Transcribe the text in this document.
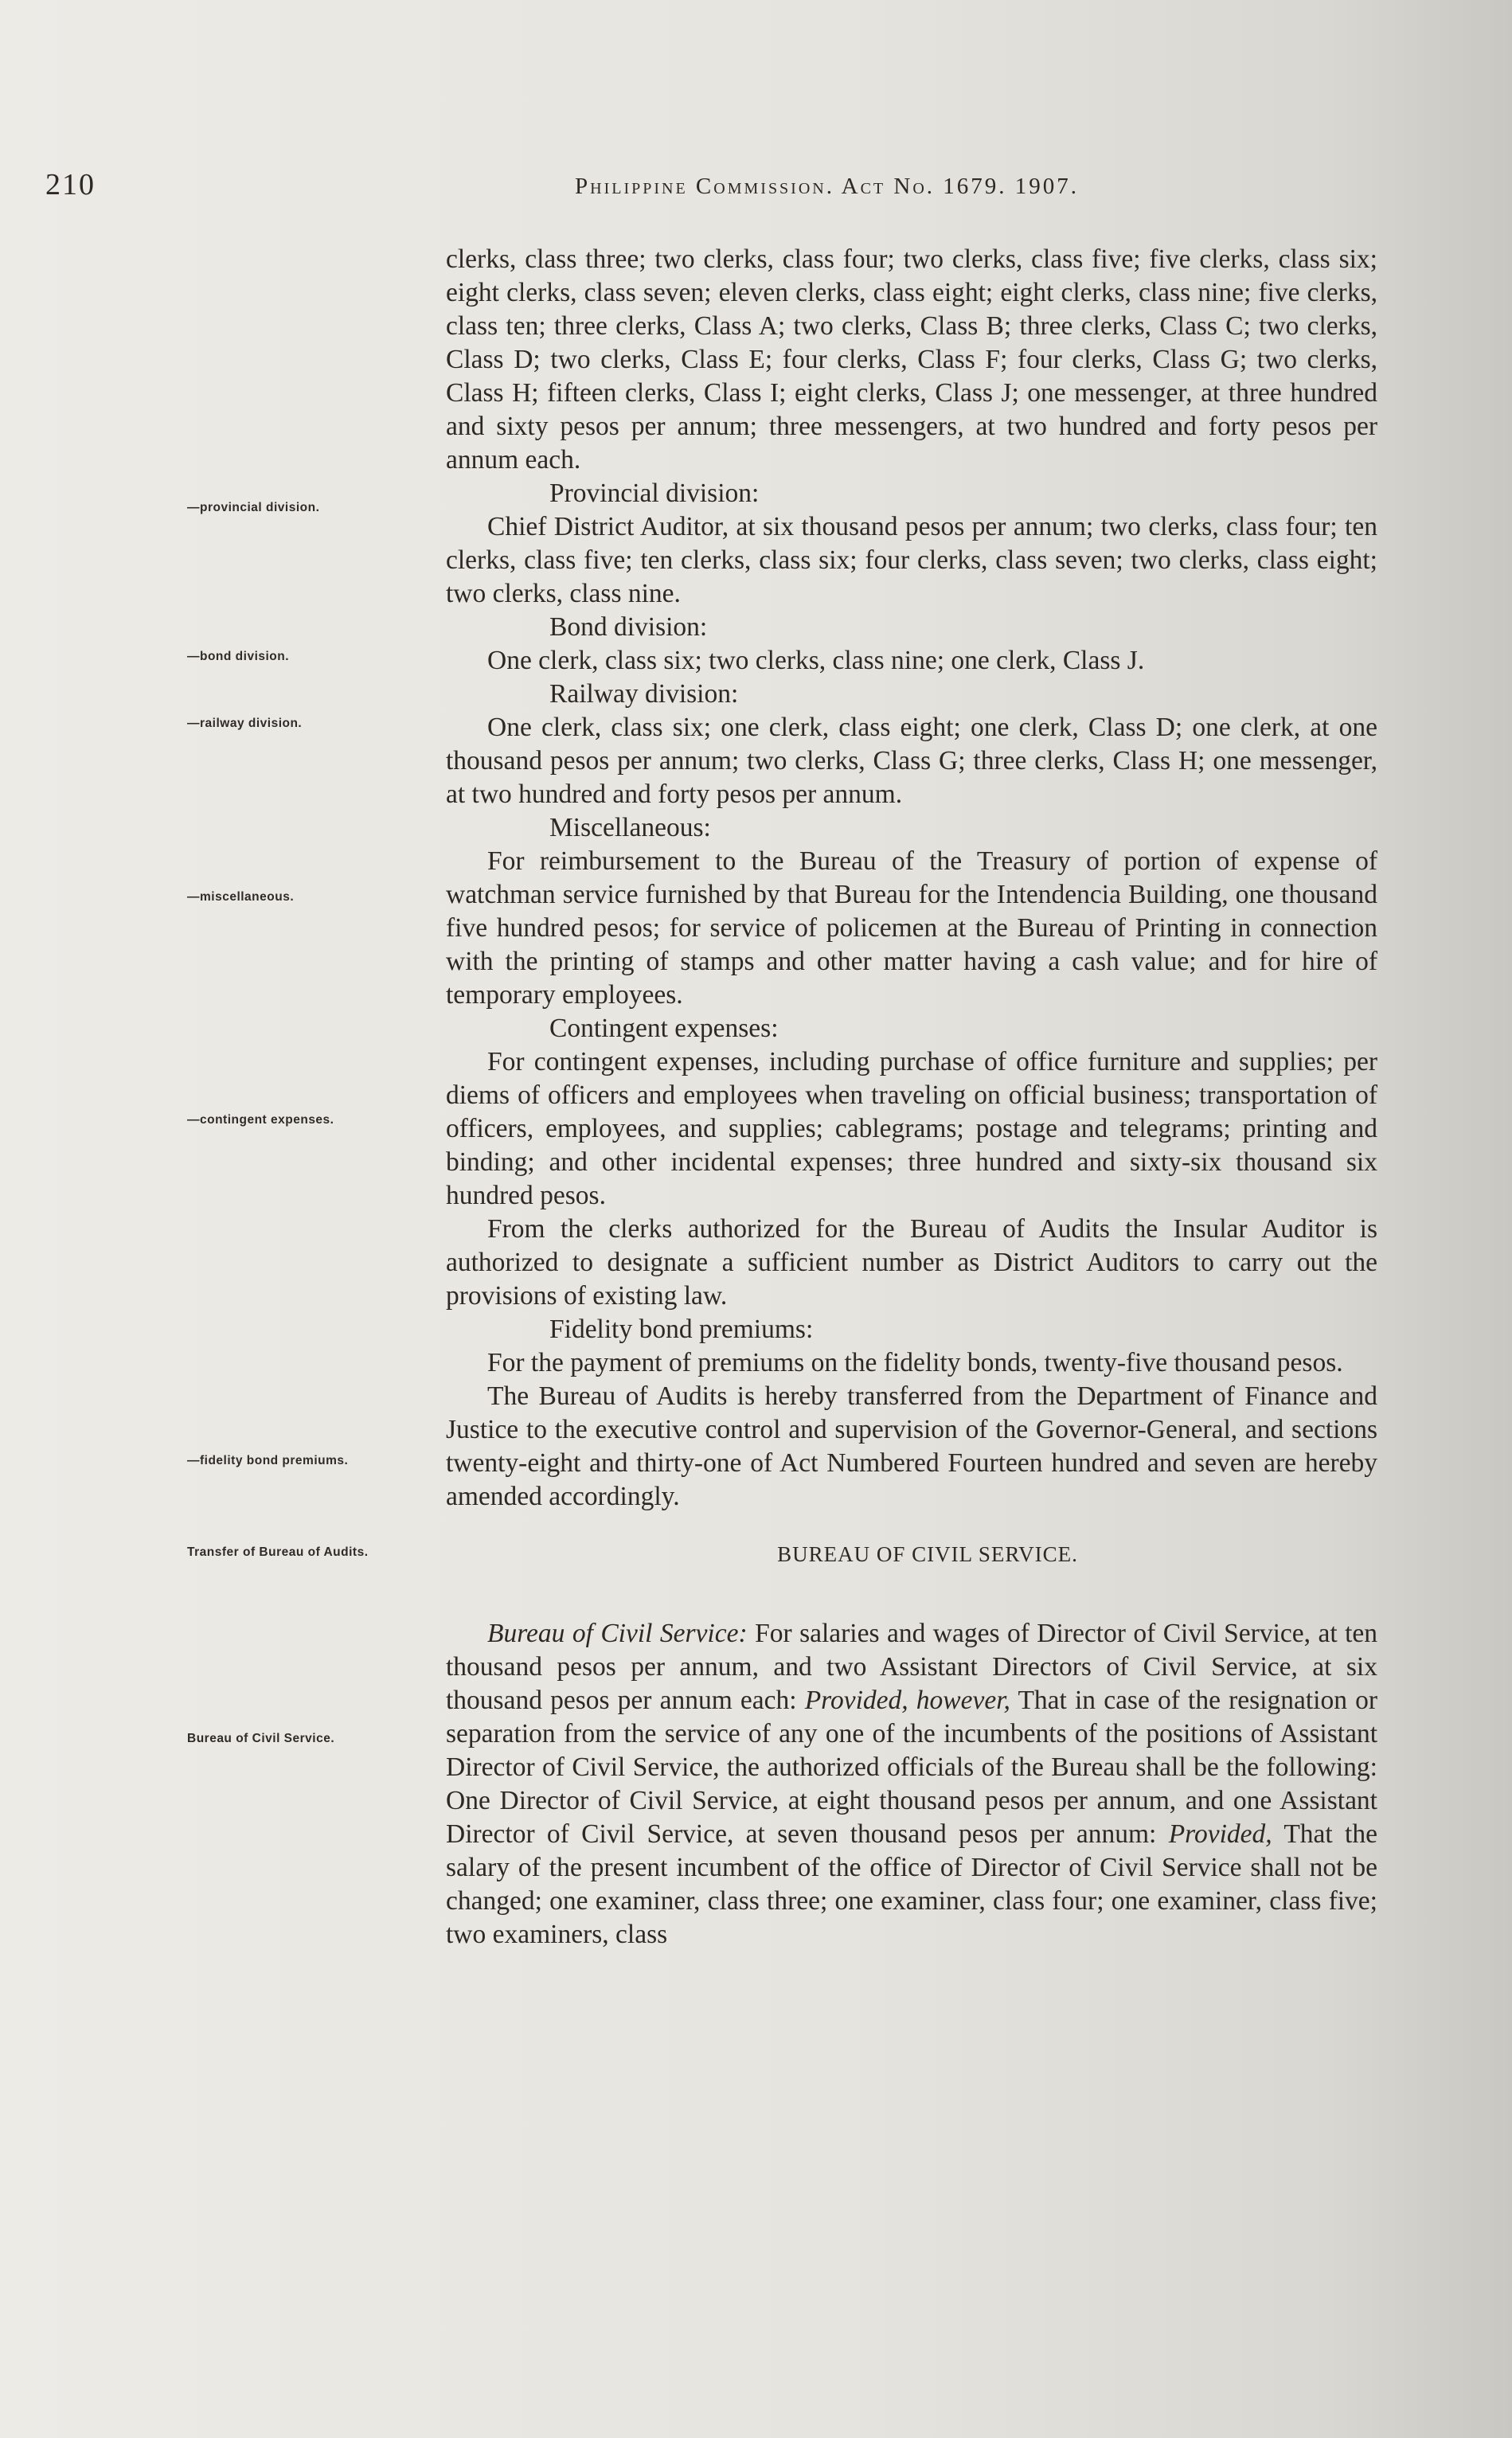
210	Philippine Commission. Act No. 1679. 1907.
—provincial division.
—bond division.
—railway division.
—miscellaneous.
—contingent expenses.
—fidelity bond premiums.
Transfer of Bureau of Audits.
Bureau of Civil Service.

clerks, class three; two clerks, class four; two clerks, class five; five clerks, class six; eight clerks, class seven; eleven clerks, class eight; eight clerks, class nine; five clerks, class ten; three clerks, Class A; two clerks, Class B; three clerks, Class C; two clerks, Class D; two clerks, Class E; four clerks, Class F; four clerks, Class G; two clerks, Class H; fifteen clerks, Class I; eight clerks, Class J; one messenger, at three hundred and sixty pesos per annum; three messengers, at two hundred and forty pesos per annum each.

Provincial division:

Chief District Auditor, at six thousand pesos per annum; two clerks, class four; ten clerks, class five; ten clerks, class six; four clerks, class seven; two clerks, class eight; two clerks, class nine.

Bond division:

One clerk, class six; two clerks, class nine; one clerk, Class J.

Railway division:

One clerk, class six; one clerk, class eight; one clerk, Class D; one clerk, at one thousand pesos per annum; two clerks, Class G; three clerks, Class H; one messenger, at two hundred and forty pesos per annum.

Miscellaneous:

For reimbursement to the Bureau of the Treasury of portion of expense of watchman service furnished by that Bureau for the Intendencia Building, one thousand five hundred pesos; for service of policemen at the Bureau of Printing in connection with the printing of stamps and other matter having a cash value; and for hire of temporary employees.

Contingent expenses:

For contingent expenses, including purchase of office furniture and supplies; per diems of officers and employees when traveling on official business; transportation of officers, employees, and supplies; cablegrams; postage and telegrams; printing and binding; and other incidental expenses; three hundred and sixty-six thousand six hundred pesos.

From the clerks authorized for the Bureau of Audits the Insular Auditor is authorized to designate a sufficient number as District Auditors to carry out the provisions of existing law.

Fidelity bond premiums:

For the payment of premiums on the fidelity bonds, twenty-five thousand pesos.

The Bureau of Audits is hereby transferred from the Department of Finance and Justice to the executive control and supervision of the Governor-General, and sections twenty-eight and thirty-one of Act Numbered Fourteen hundred and seven are hereby amended accordingly.

BUREAU OF CIVIL SERVICE.

Bureau of Civil Service: For salaries and wages of Director of Civil Service, at ten thousand pesos per annum, and two Assistant Directors of Civil Service, at six thousand pesos per annum each: Provided, however, That in case of the resignation or separation from the service of any one of the incumbents of the positions of Assistant Director of Civil Service, the authorized officials of the Bureau shall be the following: One Director of Civil Service, at eight thousand pesos per annum, and one Assistant Director of Civil Service, at seven thousand pesos per annum: Provided, That the salary of the present incumbent of the office of Director of Civil Service shall not be changed; one examiner, class three; one examiner, class four; one examiner, class five; two examiners, class
